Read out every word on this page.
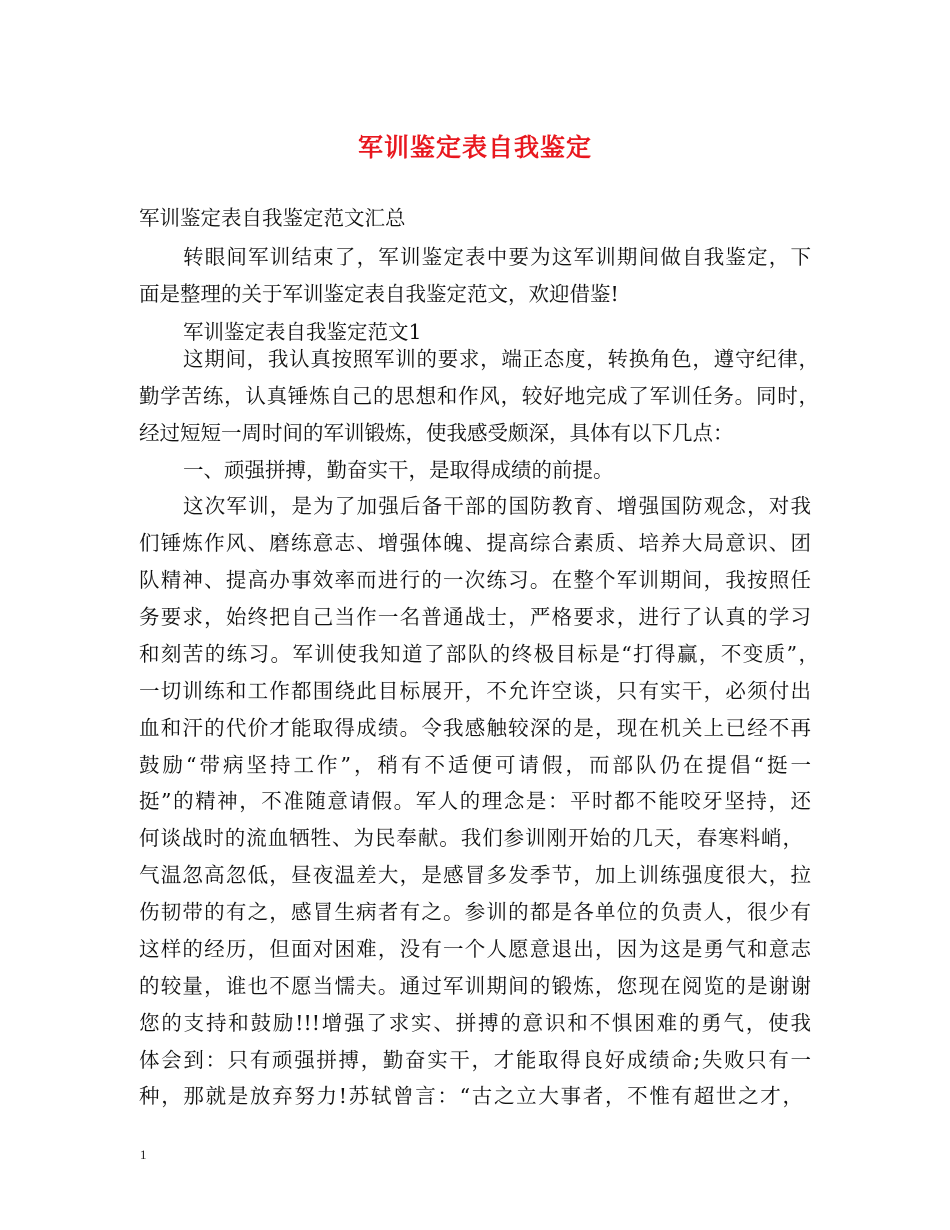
军训鉴定表自我鉴定
军训鉴定表自我鉴定范文汇总
转眼间军训结束了，军训鉴定表中要为这军训期间做自我鉴定，下
面是整理的关于军训鉴定表自我鉴定范文，欢迎借鉴!
军训鉴定表自我鉴定范文1
这期间，我认真按照军训的要求，端正态度，转换角色，遵守纪律，
勤学苦练，认真锤炼自己的思想和作风，较好地完成了军训任务。同时，
经过短短一周时间的军训锻炼，使我感受颇深，具体有以下几点：
一、顽强拼搏，勤奋实干，是取得成绩的前提。
这次军训，是为了加强后备干部的国防教育、增强国防观念，对我
们锤炼作风、磨练意志、增强体魄、提高综合素质、培养大局意识、团
队精神、提高办事效率而进行的一次练习。在整个军训期间，我按照任
务要求，始终把自己当作一名普通战士，严格要求，进行了认真的学习
和刻苦的练习。军训使我知道了部队的终极目标是“打得赢，不变质”，
一切训练和工作都围绕此目标展开，不允许空谈，只有实干，必须付出
血和汗的代价才能取得成绩。令我感触较深的是，现在机关上已经不再
鼓励“带病坚持工作”，稍有不适便可请假，而部队仍在提倡“挺一
挺”的精神，不准随意请假。军人的理念是：平时都不能咬牙坚持，还
何谈战时的流血牺牲、为民奉献。我们参训刚开始的几天，春寒料峭，
气温忽高忽低，昼夜温差大，是感冒多发季节，加上训练强度很大，拉
伤韧带的有之，感冒生病者有之。参训的都是各单位的负责人，很少有
这样的经历，但面对困难，没有一个人愿意退出，因为这是勇气和意志
的较量，谁也不愿当懦夫。通过军训期间的锻炼，您现在阅览的是谢谢
您的支持和鼓励!!!增强了求实、拼搏的意识和不惧困难的勇气，使我
体会到：只有顽强拼搏，勤奋实干，才能取得良好成绩命;失败只有一
种，那就是放弃努力!苏轼曾言：“古之立大事者，不惟有超世之才，
1
